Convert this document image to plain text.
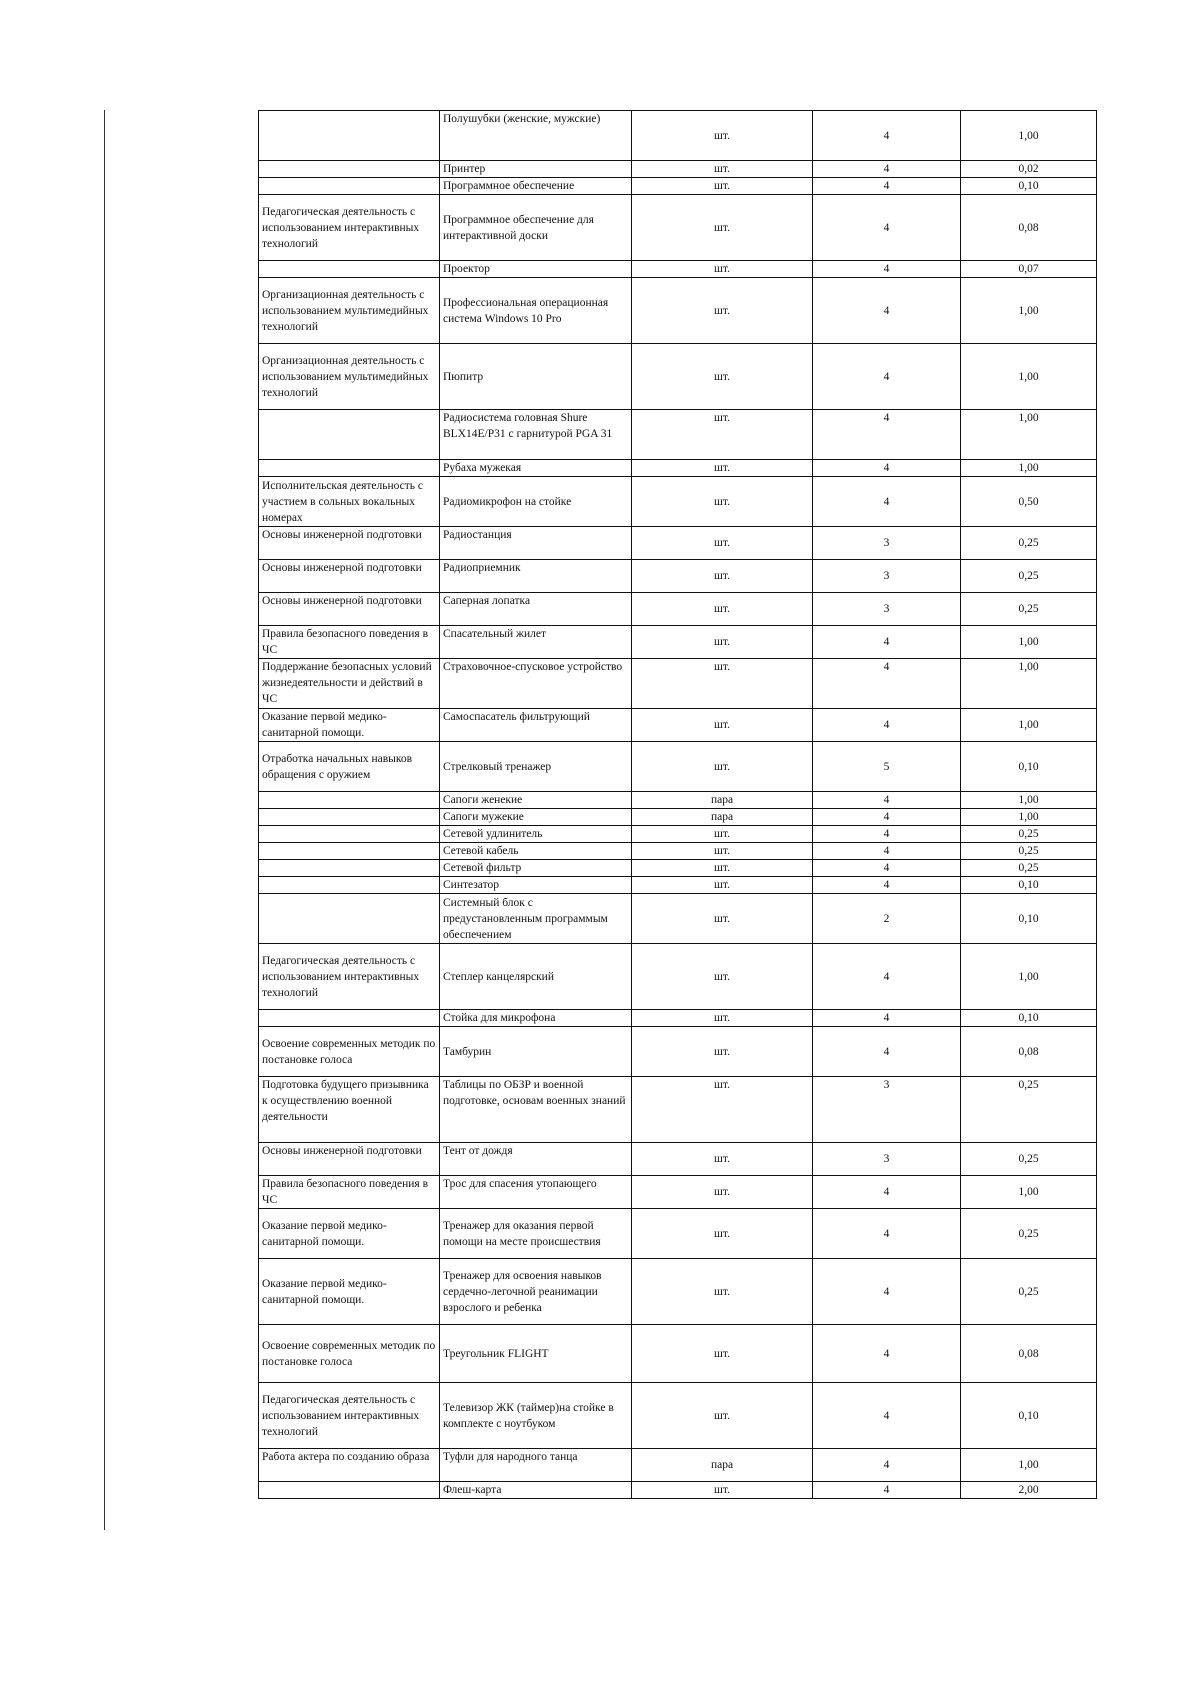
	Полушубки (женские, мужские)	шт.	4	1,00
	Принтер	шт.	4	0,02
	Программное обеспечение	шт.	4	0,10
Педагогическая деятельность с использованием интерактивных технологий	Программное обеспечение для интерактивной доски	шт.	4	0,08
	Проектор	шт.	4	0,07
Организационная деятельность с использованием мультимедийных технологий	Профессиональная операционная система Windows 10 Pro	шт.	4	1,00
Организационная деятельность с использованием мультимедийных технологий	Пюпитр	шт.	4	1,00
	Радиосистема головная Shure BLX14E/P31 с гарнитурой PGA 31	шт.	4	1,00
	Рубаха мужекая	шт.	4	1,00
Исполнительская деятельность с участием в сольных вокальных номерах	Радиомикрофон на стойке	шт.	4	0,50
Основы инженерной подготовки	Радиостанция	шт.	3	0,25
Основы инженерной подготовки	Радиоприемник	шт.	3	0,25
Основы инженерной подготовки	Саперная лопатка	шт.	3	0,25
Правила безопасного поведения в ЧС	Спасательный жилет	шт.	4	1,00
Поддержание безопасных условий жизнедеятельности и действий в ЧС	Страховочное-спусковое устройство	шт.	4	1,00
Оказание первой медико-санитарной помощи.	Самоспасатель фильтрующий	шт.	4	1,00
Отработка начальных навыков обращения с оружием	Стрелковый тренажер	шт.	5	0,10
	Сапоги женекие	пара	4	1,00
	Сапоги мужекие	пара	4	1,00
	Сетевой удлинитель	шт.	4	0,25
	Сетевой кабель	шт.	4	0,25
	Сетевой фильтр	шт.	4	0,25
	Синтезатор	шт.	4	0,10
	Системный блок с предустановленным программым обеспечением	шт.	2	0,10
Педагогическая деятельность с использованием интерактивных технологий	Степлер канцелярский	шт.	4	1,00
	Стойка для микрофона	шт.	4	0,10
Освоение современных методик по постановке голоса	Тамбурин	шт.	4	0,08
Подготовка будущего призывника к осуществлению военной деятельности	Таблицы по ОБЗР и военной подготовке, основам военных знаний	шт.	3	0,25
Основы инженерной подготовки	Тент от дождя	шт.	3	0,25
Правила безопасного поведения в ЧС	Трос для спасения утопающего	шт.	4	1,00
Оказание первой медико-санитарной помощи.	Тренажер для оказания первой помощи на месте происшествия	шт.	4	0,25
Оказание первой медико-санитарной помощи.	Тренажер для освоения навыков сердечно-легочной реанимации взрослого и ребенка	шт.	4	0,25
Освоение современных методик по постановке голоса	Треугольник FLIGHT	шт.	4	0,08
Педагогическая деятельность с использованием интерактивных технологий	Телевизор ЖК (таймер)на стойке в комплекте с ноутбуком	шт.	4	0,10
Работа актера по созданию образа	Туфли для народного танца	пара	4	1,00
	Флеш-карта	шт.	4	2,00
